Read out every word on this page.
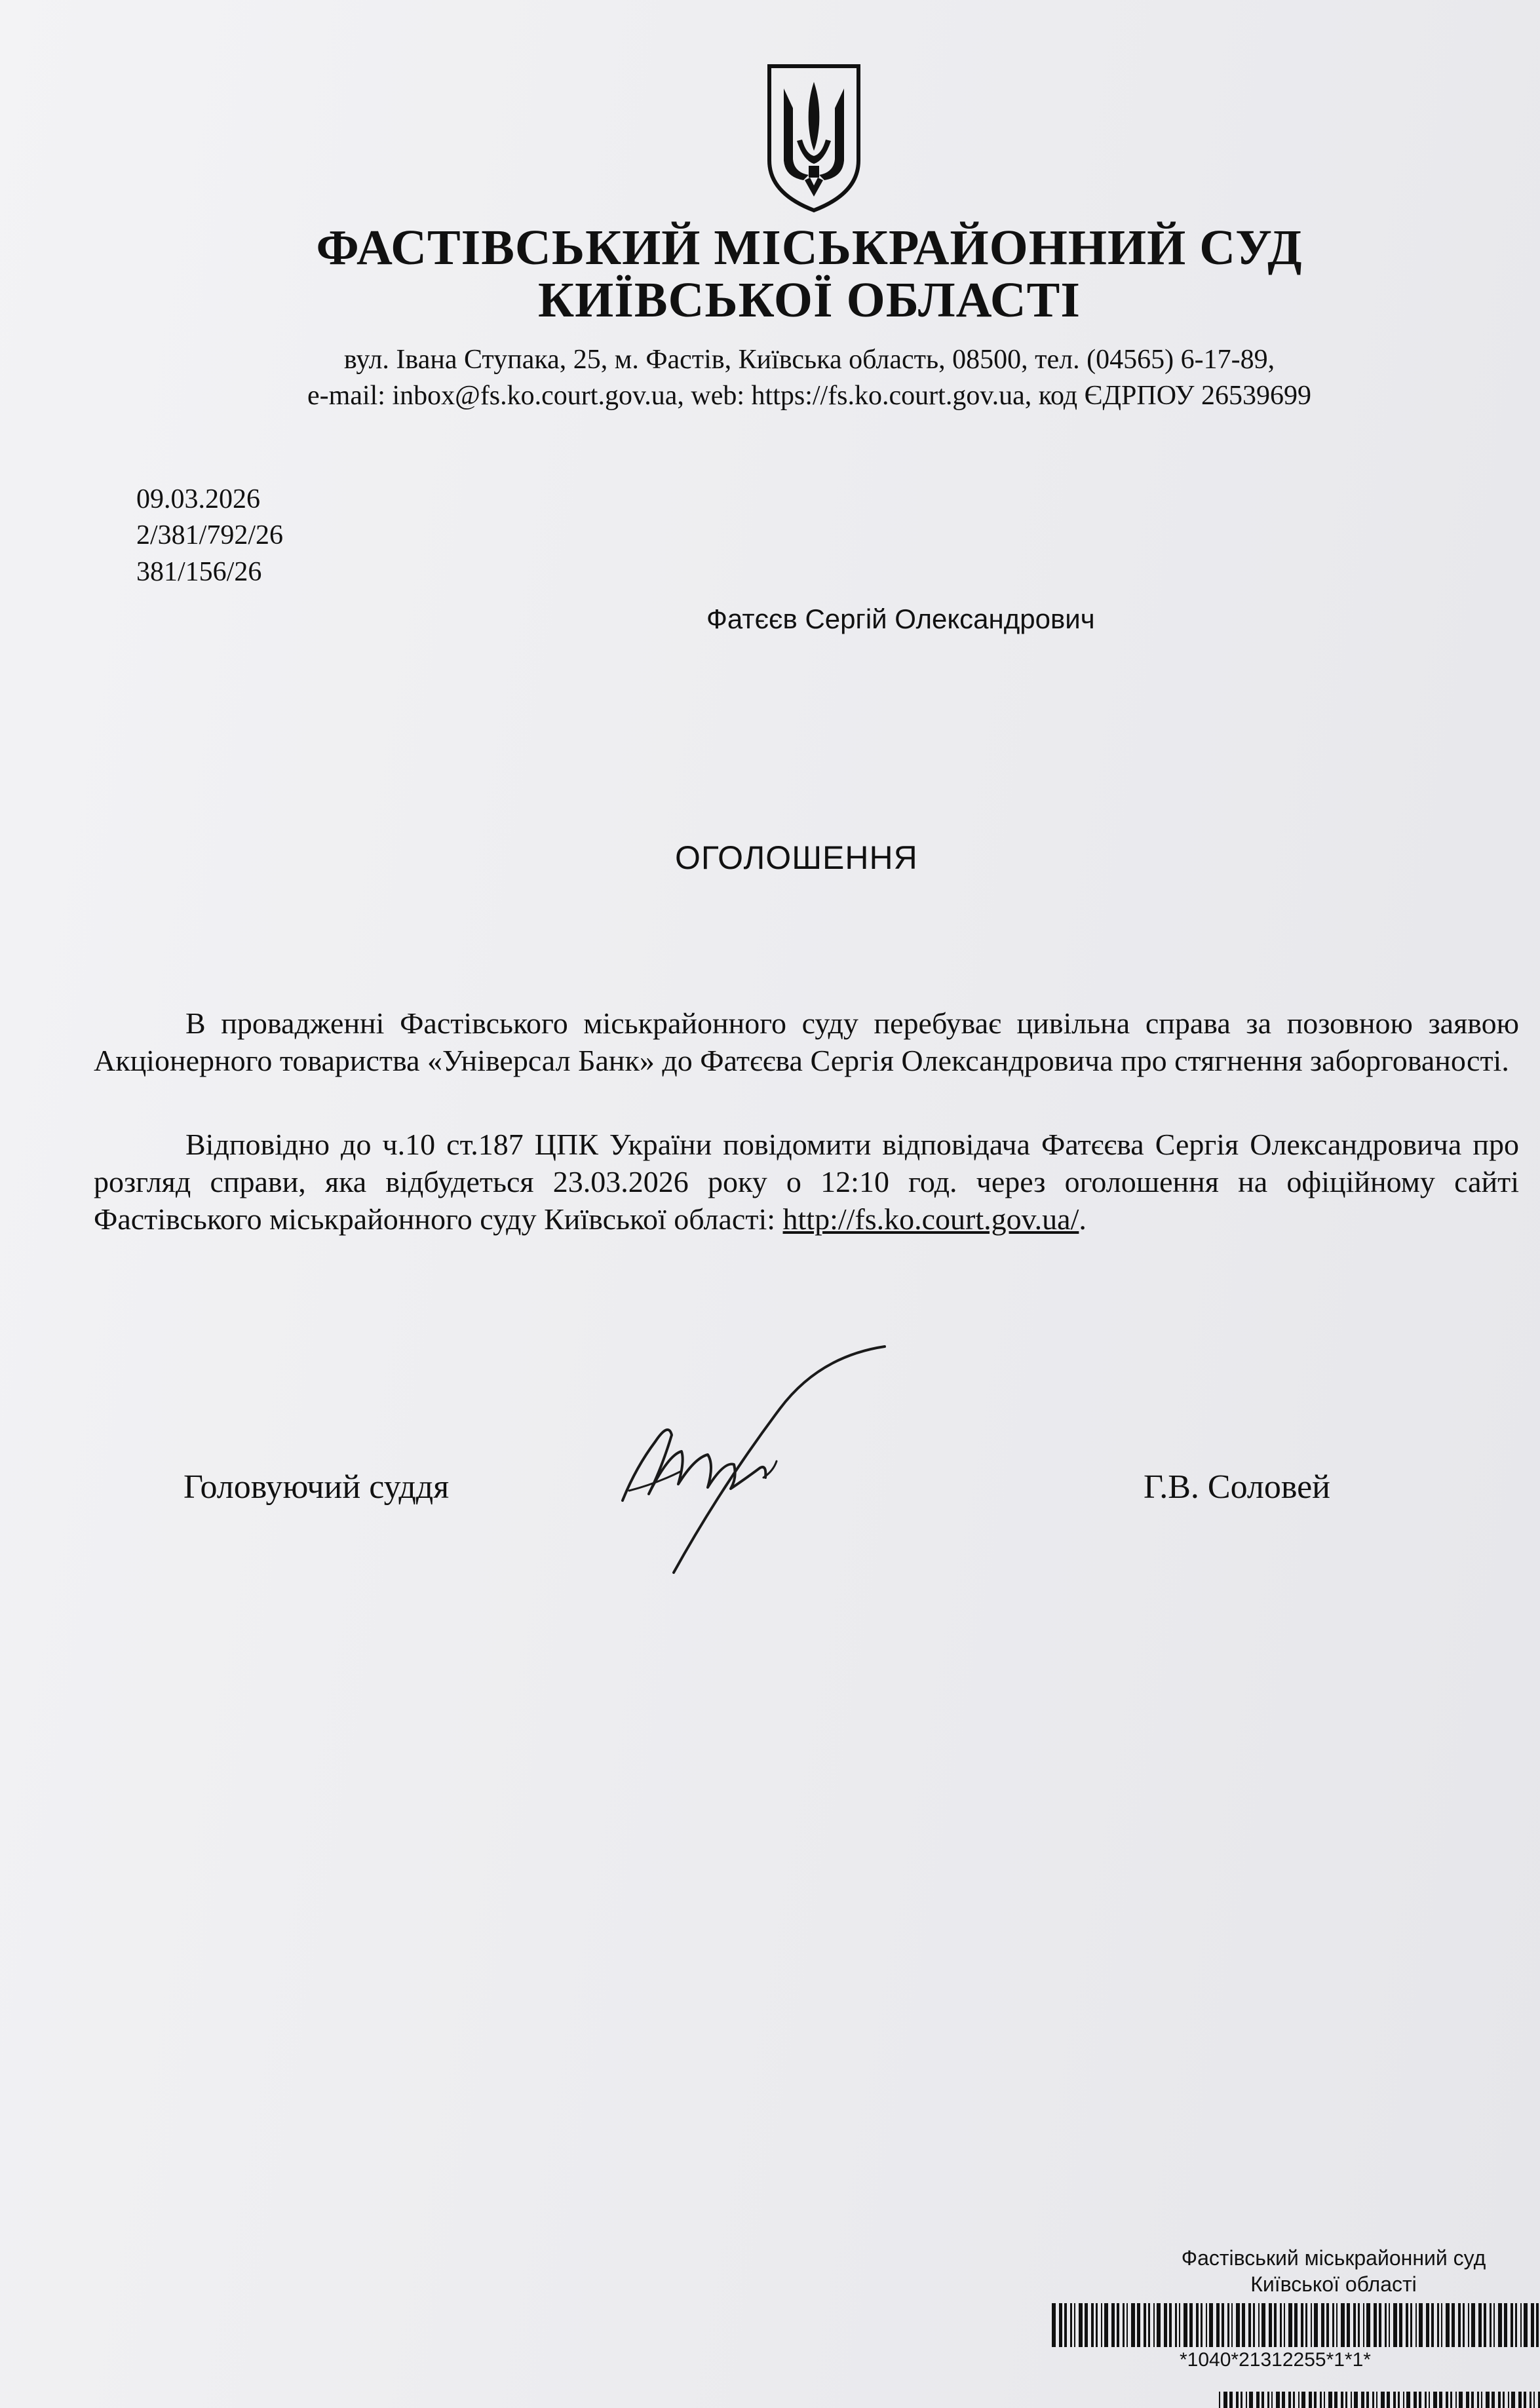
ФАСТІВСЬКИЙ МІСЬКРАЙОННИЙ СУД
КИЇВСЬКОЇ ОБЛАСТІ
вул. Івана Ступака, 25, м. Фастів, Київська область, 08500, тел. (04565) 6-17-89,
e-mail: inbox@fs.ko.court.gov.ua, web: https://fs.ko.court.gov.ua, код ЄДРПОУ 26539699
09.03.2026
2/381/792/26
381/156/26
Фатєєв Сергій Олександрович
ОГОЛОШЕННЯ

В провадженні Фастівського міськрайонного суду перебуває цивільна справа за позовною заявою Акціонерного товариства «Універсал Банк» до Фатєєва Сергія Олександровича про стягнення заборгованості.

Відповідно до ч.10 ст.187 ЦПК України повідомити відповідача Фатєєва Сергія Олександровича про розгляд справи, яка відбудеться 23.03.2026 року о 12:10 год. через оголошення на офіційному сайті Фастівського міськрайонного суду Київської області: http://fs.ko.court.gov.ua/.

Головуючий суддя	Г.В. Соловей
Фастівський міськрайонний суд
Київської області
*1040*21312255*1*1*
